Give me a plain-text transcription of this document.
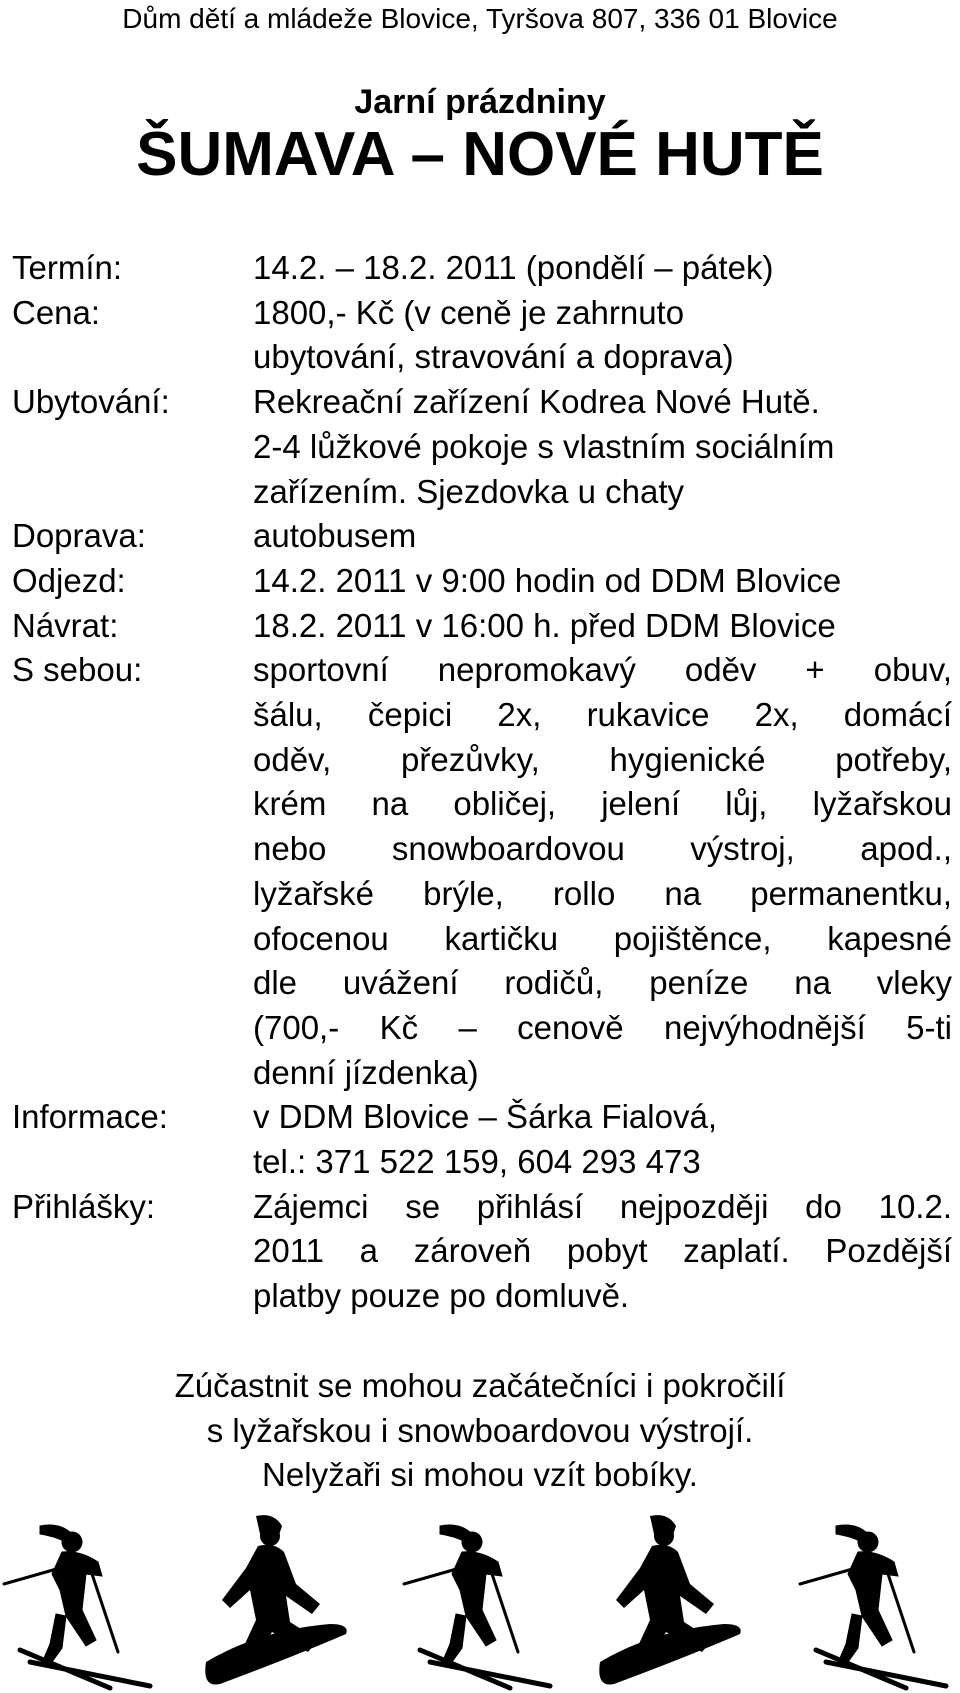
Dům dětí a mládeže Blovice, Tyršova 807, 336 01 Blovice
Jarní prázdniny
ŠUMAVA – NOVÉ HUTĚ
Termín:	14.2. – 18.2. 2011 (pondělí – pátek)
Cena:	1800,- Kč (v ceně je zahrnuto
ubytování, stravování a doprava)
Ubytování:	Rekreační zařízení Kodrea Nové Hutě.
2-4 lůžkové pokoje s vlastním sociálním
zařízením. Sjezdovka u chaty
Doprava:	autobusem
Odjezd:	14.2. 2011 v 9:00 hodin od DDM Blovice
Návrat:	18.2. 2011 v 16:00 h. před DDM Blovice
S sebou:	sportovní nepromokavý oděv + obuv,
šálu, čepici 2x, rukavice 2x, domácí
oděv, přezůvky, hygienické potřeby,
krém na obličej, jelení lůj, lyžařskou
nebo snowboardovou výstroj, apod.,
lyžařské brýle, rollo na permanentku,
ofocenou kartičku pojištěnce, kapesné
dle uvážení rodičů, peníze na vleky
(700,- Kč – cenově nejvýhodnější 5-ti
denní jízdenka)
Informace:	v DDM Blovice – Šárka Fialová,
tel.: 371 522 159, 604 293 473
Přihlášky:	Zájemci se přihlásí nejpozději do 10.2.
2011 a zároveň pobyt zaplatí. Pozdější
platby pouze po domluvě.
Zúčastnit se mohou začátečníci i pokročilí
s lyžařskou i snowboardovou výstrojí.
Nelyžaři si mohou vzít bobíky.
